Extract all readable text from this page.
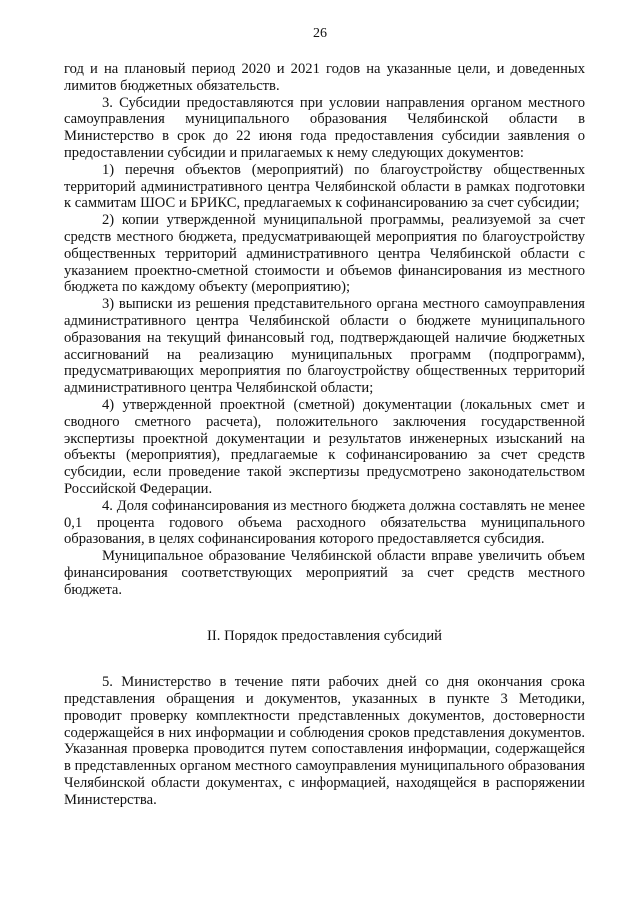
26

год и на плановый период 2020 и 2021 годов на указанные цели, и доведенных лимитов бюджетных обязательств.

3. Субсидии предоставляются при условии направления органом местного самоуправления муниципального образования Челябинской области в Министерство в срок до 22 июня года предоставления субсидии заявления о предоставлении субсидии и прилагаемых к нему следующих документов:

1) перечня объектов (мероприятий) по благоустройству общественных территорий административного центра Челябинской области в рамках подготовки к саммитам ШОС и БРИКС, предлагаемых к софинансированию за счет субсидии;

2) копии утвержденной муниципальной программы, реализуемой за счет средств местного бюджета, предусматривающей мероприятия по благоустройству общественных территорий административного центра Челябинской области с указанием проектно-сметной стоимости и объемов финансирования из местного бюджета по каждому объекту (мероприятию);

3) выписки из решения представительного органа местного самоуправления административного центра Челябинской области о бюджете муниципального образования на текущий финансовый год, подтверждающей наличие бюджетных ассигнований на реализацию муниципальных программ (подпрограмм), предусматривающих мероприятия по благоустройству общественных территорий административного центра Челябинской области;

4) утвержденной проектной (сметной) документации (локальных смет и сводного сметного расчета), положительного заключения государственной экспертизы проектной документации и результатов инженерных изысканий на объекты (мероприятия), предлагаемые к софинансированию за счет средств субсидии, если проведение такой экспертизы предусмотрено законодательством Российской Федерации.

4. Доля софинансирования из местного бюджета должна составлять не менее 0,1 процента годового объема расходного обязательства муниципального образования, в целях софинансирования которого предоставляется субсидия.

Муниципальное образование Челябинской области вправе увеличить объем финансирования соответствующих мероприятий за счет средств местного бюджета.

II. Порядок предоставления субсидий

5. Министерство в течение пяти рабочих дней со дня окончания срока представления обращения и документов, указанных в пункте 3 Методики, проводит проверку комплектности представленных документов, достоверности содержащейся в них информации и соблюдения сроков представления документов. Указанная проверка проводится путем сопоставления информации, содержащейся в представленных органом местного самоуправления муниципального образования Челябинской области документах, с информацией, находящейся в распоряжении Министерства.
